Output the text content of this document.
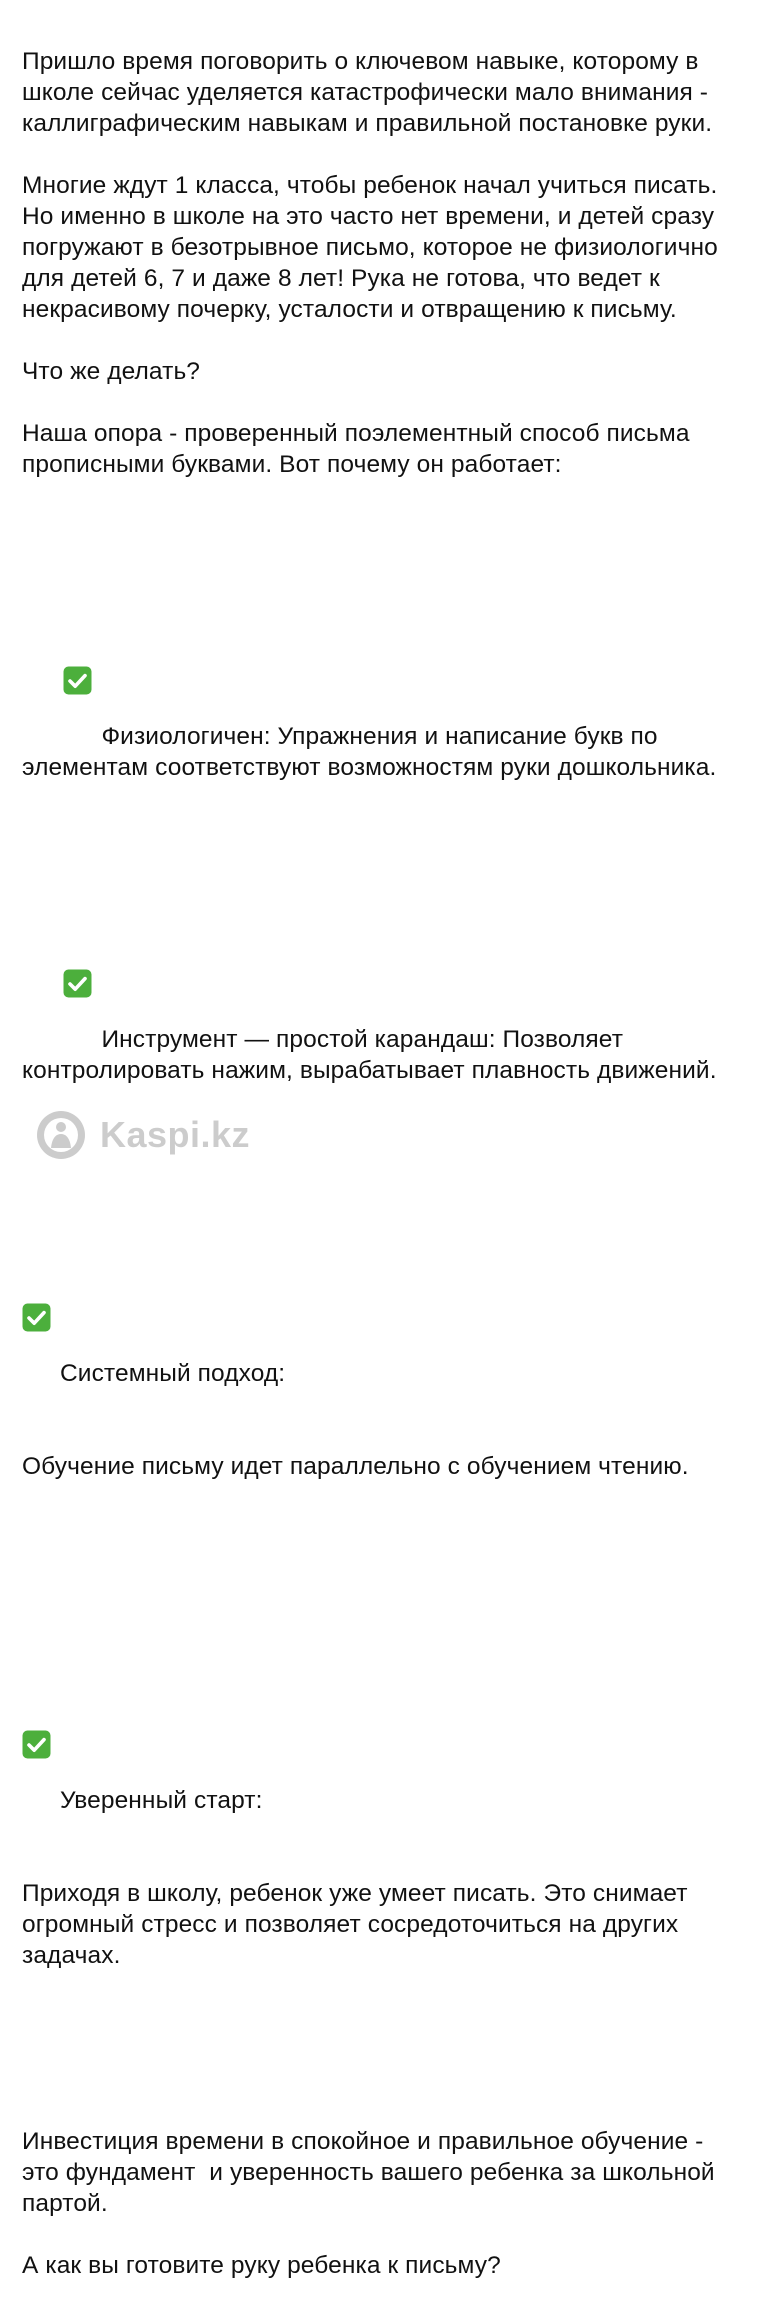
Пришло время поговорить о ключевом навыке, которому в школе сейчас уделяется катастрофически мало внимания - каллиграфическим навыкам и правильной постановке руки.

Многие ждут 1 класса, чтобы ребенок начал учиться писать. Но именно в школе на это часто нет времени, и детей сразу погружают в безотрывное письмо, которое не физиологично для детей 6, 7 и даже 8 лет! Рука не готова, что ведет к некрасивому почерку, усталости и отвращению к письму.

Что же делать?

Наша опора - проверенный поэлементный способ письма прописными буквами. Вот почему он работает:

Физиологичен: Упражнения и написание букв по элементам соответствуют возможностям руки дошкольника.

Инструмент — простой карандаш: Позволяет контролировать нажим, вырабатывает плавность движений.

Системный подход:

Обучение письму идет параллельно с обучением чтению.

Уверенный старт:

Приходя в школу, ребенок уже умеет писать. Это снимает огромный стресс и позволяет сосредоточиться на других задачах.

Инвестиция времени в спокойное и правильное обучение - это фундамент  и уверенность вашего ребенка за школьной партой.

А как вы готовите руку ребенка к письму?

Kaspi.kz
